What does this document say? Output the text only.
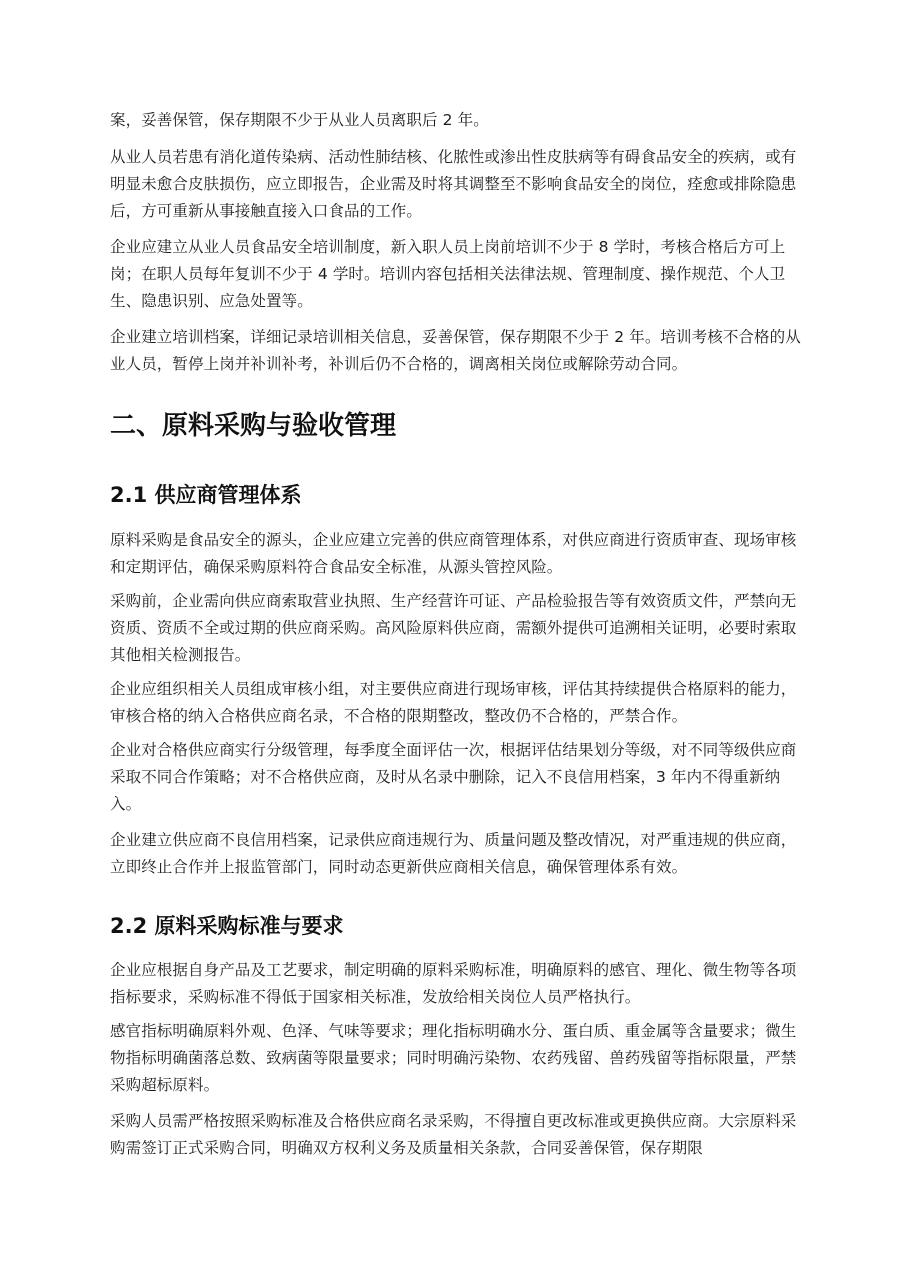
案，妥善保管，保存期限不少于从业人员离职后 2 年。

从业人员若患有消化道传染病、活动性肺结核、化脓性或渗出性皮肤病等有碍食品安全的疾病，或有明显未愈合皮肤损伤，应立即报告，企业需及时将其调整至不影响食品安全的岗位，痊愈或排除隐患后，方可重新从事接触直接入口食品的工作。

企业应建立从业人员食品安全培训制度，新入职人员上岗前培训不少于 8 学时，考核合格后方可上岗；在职人员每年复训不少于 4 学时。培训内容包括相关法律法规、管理制度、操作规范、个人卫生、隐患识别、应急处置等。

企业建立培训档案，详细记录培训相关信息，妥善保管，保存期限不少于 2 年。培训考核不合格的从业人员，暂停上岗并补训补考，补训后仍不合格的，调离相关岗位或解除劳动合同。

二、原料采购与验收管理
2.1 供应商管理体系

原料采购是食品安全的源头，企业应建立完善的供应商管理体系，对供应商进行资质审查、现场审核和定期评估，确保采购原料符合食品安全标准，从源头管控风险。

采购前，企业需向供应商索取营业执照、生产经营许可证、产品检验报告等有效资质文件，严禁向无资质、资质不全或过期的供应商采购。高风险原料供应商，需额外提供可追溯相关证明，必要时索取其他相关检测报告。

企业应组织相关人员组成审核小组，对主要供应商进行现场审核，评估其持续提供合格原料的能力，审核合格的纳入合格供应商名录，不合格的限期整改，整改仍不合格的，严禁合作。

企业对合格供应商实行分级管理，每季度全面评估一次，根据评估结果划分等级，对不同等级供应商采取不同合作策略；对不合格供应商，及时从名录中删除，记入不良信用档案，3 年内不得重新纳入。

企业建立供应商不良信用档案，记录供应商违规行为、质量问题及整改情况，对严重违规的供应商，立即终止合作并上报监管部门，同时动态更新供应商相关信息，确保管理体系有效。

2.2 原料采购标准与要求

企业应根据自身产品及工艺要求，制定明确的原料采购标准，明确原料的感官、理化、微生物等各项指标要求，采购标准不得低于国家相关标准，发放给相关岗位人员严格执行。

感官指标明确原料外观、色泽、气味等要求；理化指标明确水分、蛋白质、重金属等含量要求；微生物指标明确菌落总数、致病菌等限量要求；同时明确污染物、农药残留、兽药残留等指标限量，严禁采购超标原料。

采购人员需严格按照采购标准及合格供应商名录采购，不得擅自更改标准或更换供应商。大宗原料采购需签订正式采购合同，明确双方权利义务及质量相关条款，合同妥善保管，保存期限
